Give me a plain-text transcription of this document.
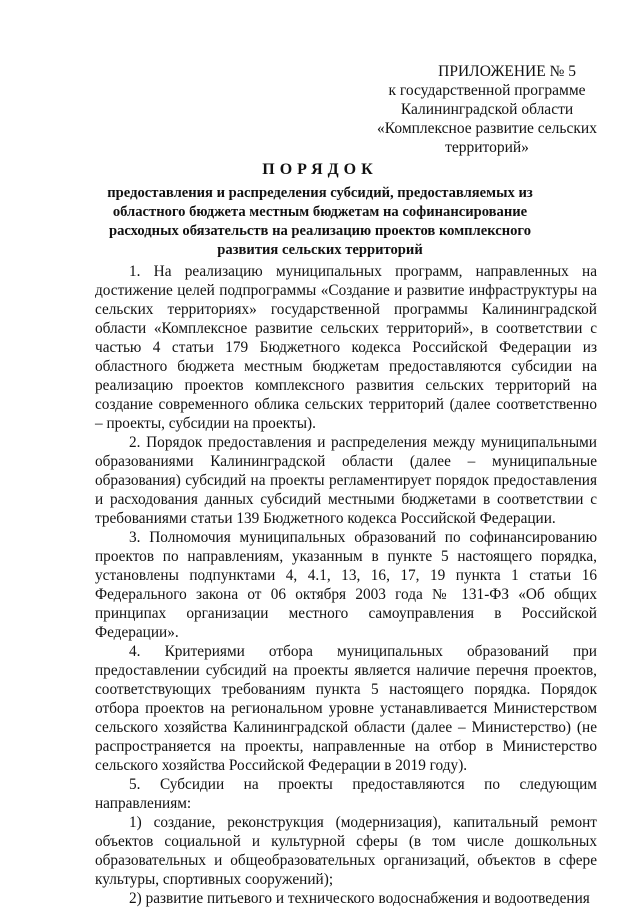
ПРИЛОЖЕНИЕ № 5
к государственной программе
Калининградской области
«Комплексное развитие сельских
территорий»
ПОРЯДОК
предоставления и распределения субсидий, предоставляемых из областного бюджета местным бюджетам на софинансирование расходных обязательств на реализацию проектов комплексного развития сельских территорий

1. На реализацию муниципальных программ, направленных на достижение целей подпрограммы «Создание и развитие инфраструктуры на сельских территориях» государственной программы Калининградской области «Комплексное развитие сельских территорий», в соответствии с частью 4 статьи 179 Бюджетного кодекса Российской Федерации из областного бюджета местным бюджетам предоставляются субсидии на реализацию проектов комплексного развития сельских территорий на создание современного облика сельских территорий (далее соответственно – проекты, субсидии на проекты).

2. Порядок предоставления и распределения между муниципальными образованиями Калининградской области (далее – муниципальные образования) субсидий на проекты регламентирует порядок предоставления и расходования данных субсидий местными бюджетами в соответствии с требованиями статьи 139 Бюджетного кодекса Российской Федерации.

3. Полномочия муниципальных образований по софинансированию проектов по направлениям, указанным в пункте 5 настоящего порядка, установлены подпунктами 4, 4.1, 13, 16, 17, 19 пункта 1 статьи 16 Федерального закона от 06 октября 2003 года № 131-ФЗ «Об общих принципах организации местного самоуправления в Российской Федерации».

4. Критериями отбора муниципальных образований при предоставлении субсидий на проекты является наличие перечня проектов, соответствующих требованиям пункта 5 настоящего порядка. Порядок отбора проектов на региональном уровне устанавливается Министерством сельского хозяйства Калининградской области (далее – Министерство) (не распространяется на проекты, направленные на отбор в Министерство сельского хозяйства Российской Федерации в 2019 году).

5. Субсидии на проекты предоставляются по следующим направлениям:

1) создание, реконструкция (модернизация), капитальный ремонт объектов социальной и культурной сферы (в том числе дошкольных образовательных и общеобразовательных организаций, объектов в сфере культуры, спортивных сооружений);

2) развитие питьевого и технического водоснабжения и водоотведения
